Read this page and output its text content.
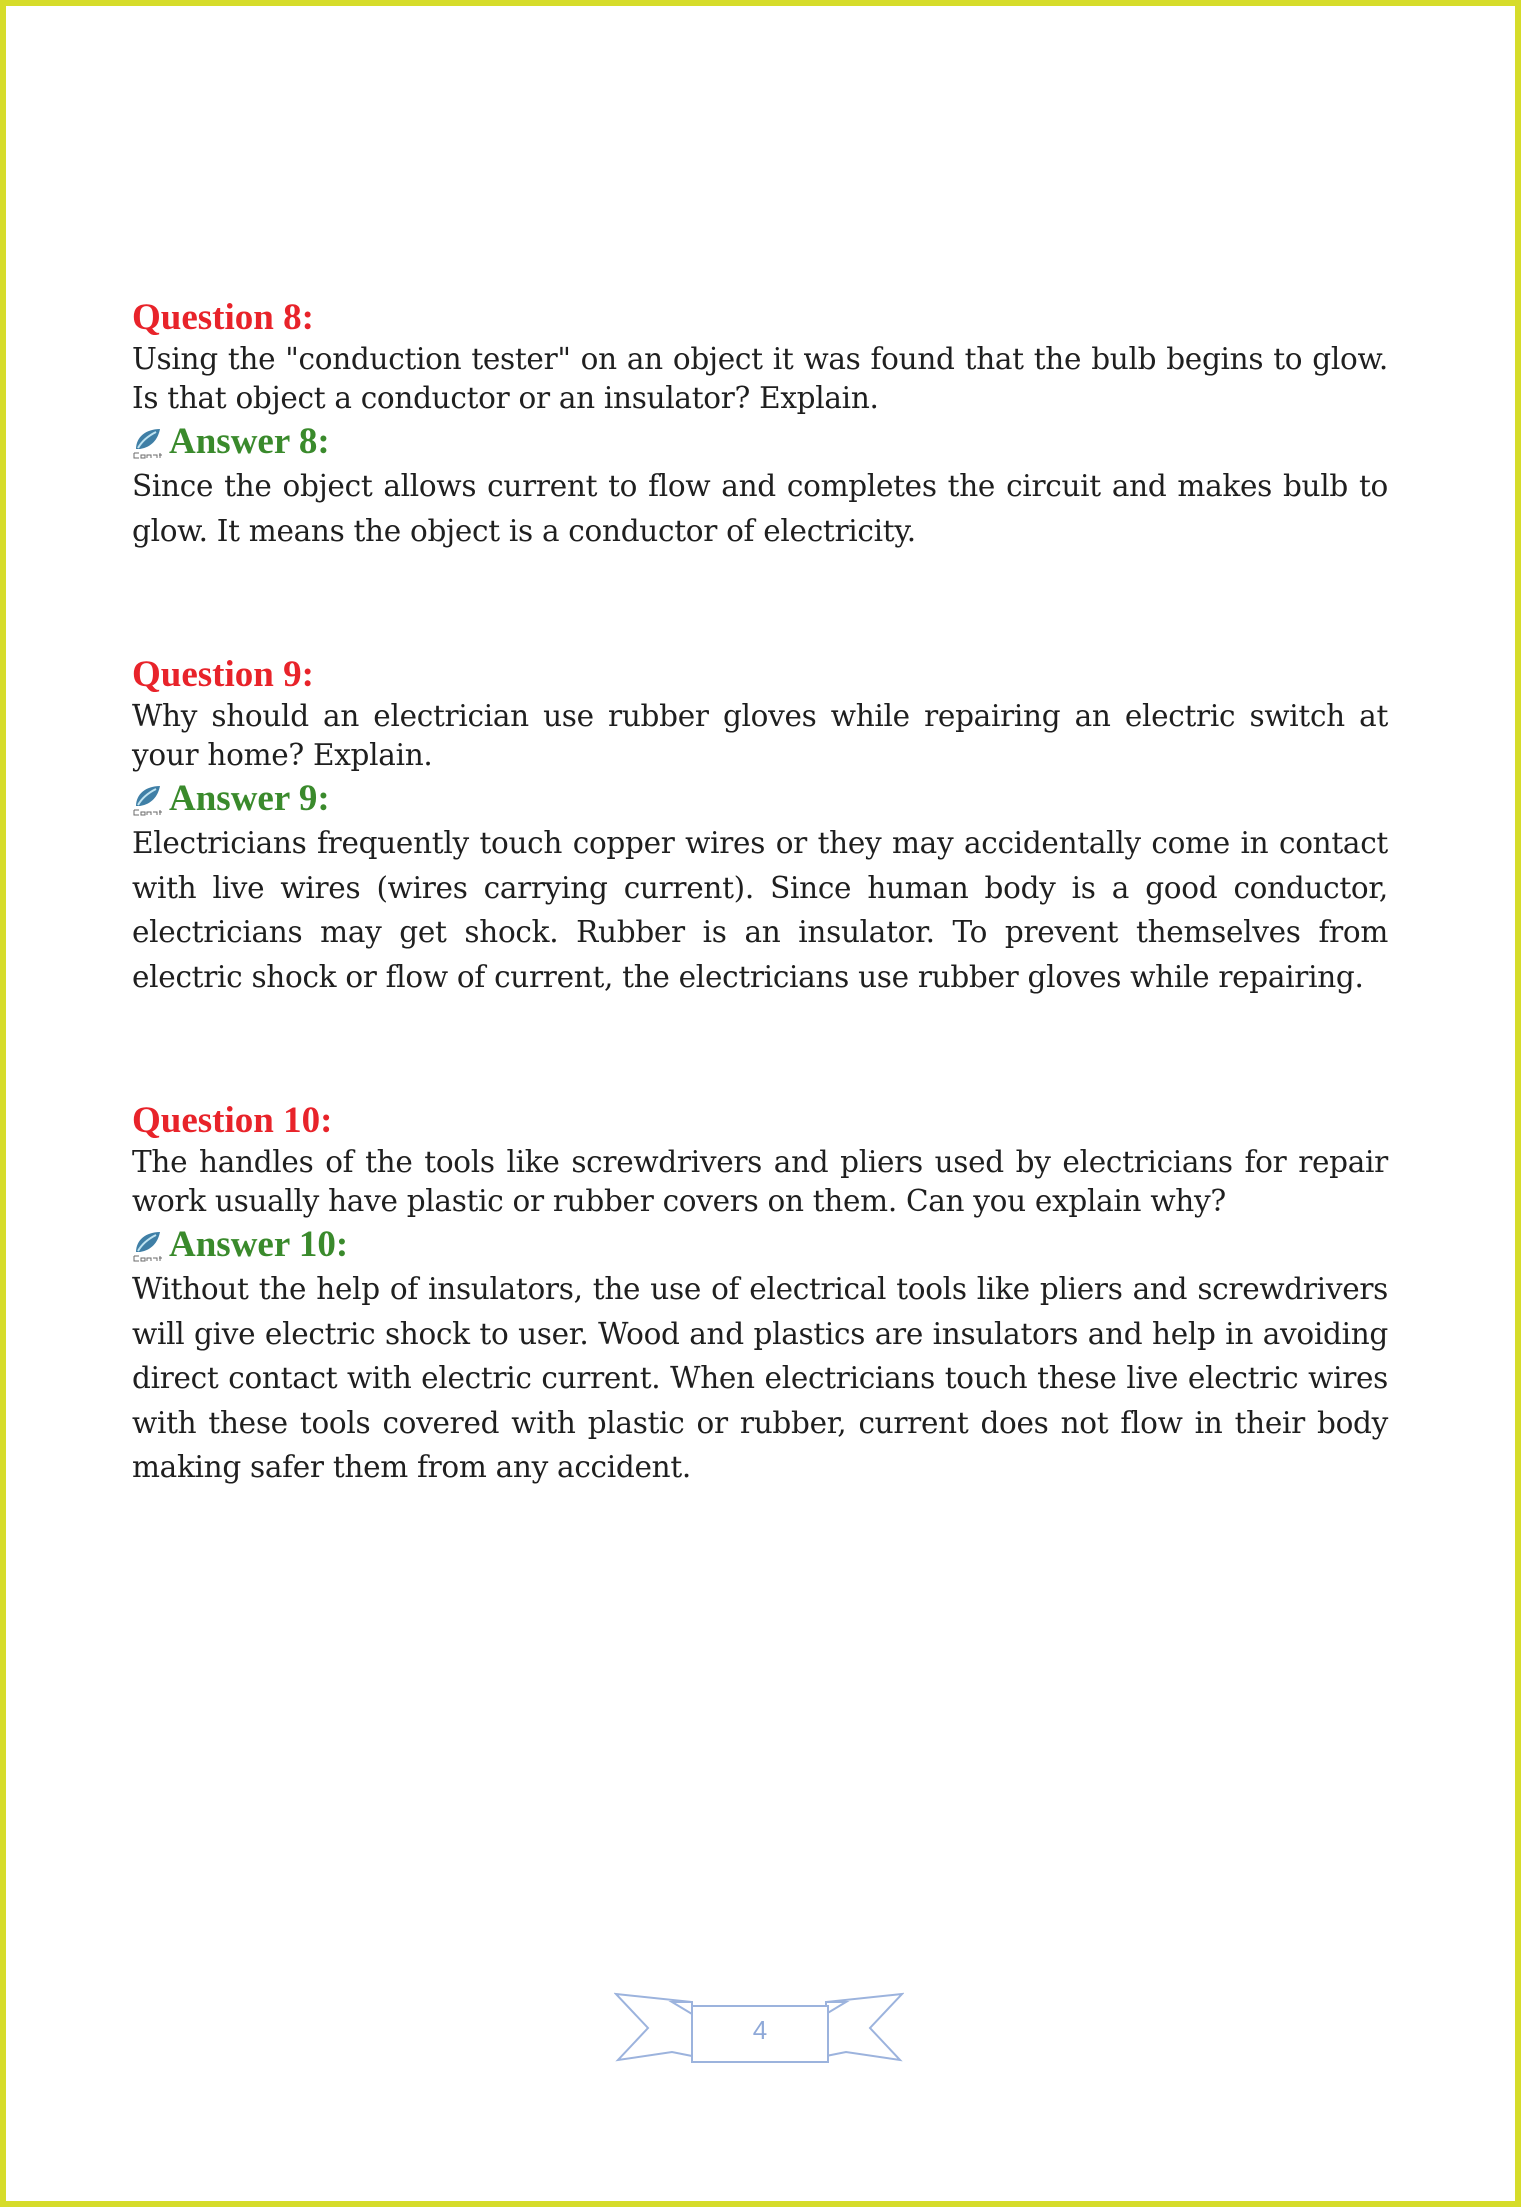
Question 8:

Using the "conduction tester" on an object it was found that the bulb begins to glow. Is that object a conductor or an insulator? Explain.

Answer 8:

Since the object allows current to flow and completes the circuit and makes bulb to glow. It means the object is a conductor of electricity.

Question 9:

Why should an electrician use rubber gloves while repairing an electric switch at your home? Explain.

Answer 9:

Electricians frequently touch copper wires or they may accidentally come in contact with live wires (wires carrying current). Since human body is a good conductor, electricians may get shock. Rubber is an insulator. To prevent themselves from electric shock or flow of current, the electricians use rubber gloves while repairing.

Question 10:

The handles of the tools like screwdrivers and pliers used by electricians for repair work usually have plastic or rubber covers on them. Can you explain why?

Answer 10:

Without the help of insulators, the use of electrical tools like pliers and screwdrivers will give electric shock to user. Wood and plastics are insulators and help in avoiding direct contact with electric current. When electricians touch these live electric wires with these tools covered with plastic or rubber, current does not flow in their body making safer them from any accident.

4
